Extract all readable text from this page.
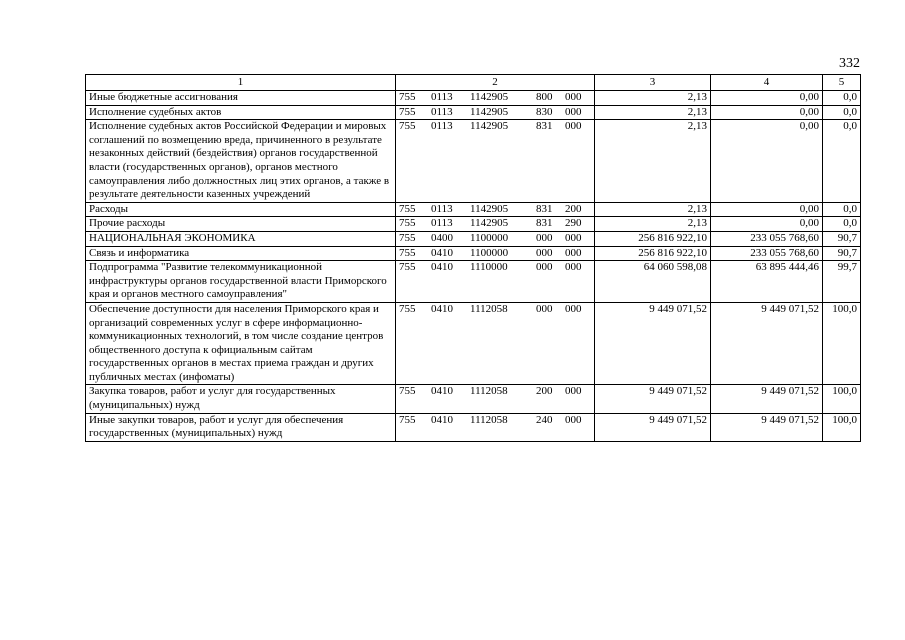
332
1	2	3	4	5

Иные бюджетные ассигнования	755 0113 1142905 800 000	2,13	0,00	0,0

Исполнение судебных актов	755 0113 1142905 830 000	2,13	0,00	0,0

Исполнение судебных актов Российской Федерации и мировых соглашений по возмещению вреда, причиненного в результате незаконных действий (бездействия) органов государственной власти (государственных органов), органов местного самоуправления либо должностных лиц этих органов, а также в результате деятельности казенных учреждений	755 0113 1142905 831 000	2,13	0,00	0,0

Расходы	755 0113 1142905 831 200	2,13	0,00	0,0

Прочие расходы	755 0113 1142905 831 290	2,13	0,00	0,0

НАЦИОНАЛЬНАЯ ЭКОНОМИКА	755 0400 1100000 000 000	256 816 922,10	233 055 768,60	90,7

Связь и информатика	755 0410 1100000 000 000	256 816 922,10	233 055 768,60	90,7

Подпрограмма "Развитие телекоммуникационной инфраструктуры органов государственной власти Приморского края и органов местного самоуправления"	755 0410 1110000 000 000	64 060 598,08	63 895 444,46	99,7

Обеспечение доступности для населения Приморского края и организаций современных услуг в сфере информационно-коммуникационных технологий, в том числе создание центров общественного доступа к официальным сайтам государственных органов в местах приема граждан и других публичных местах (инфоматы)	755 0410 1112058 000 000	9 449 071,52	9 449 071,52	100,0

Закупка товаров, работ и услуг для государственных (муниципальных) нужд	755 0410 1112058 200 000	9 449 071,52	9 449 071,52	100,0

Иные закупки товаров, работ и услуг для обеспечения государственных (муниципальных) нужд	755 0410 1112058 240 000	9 449 071,52	9 449 071,52	100,0
